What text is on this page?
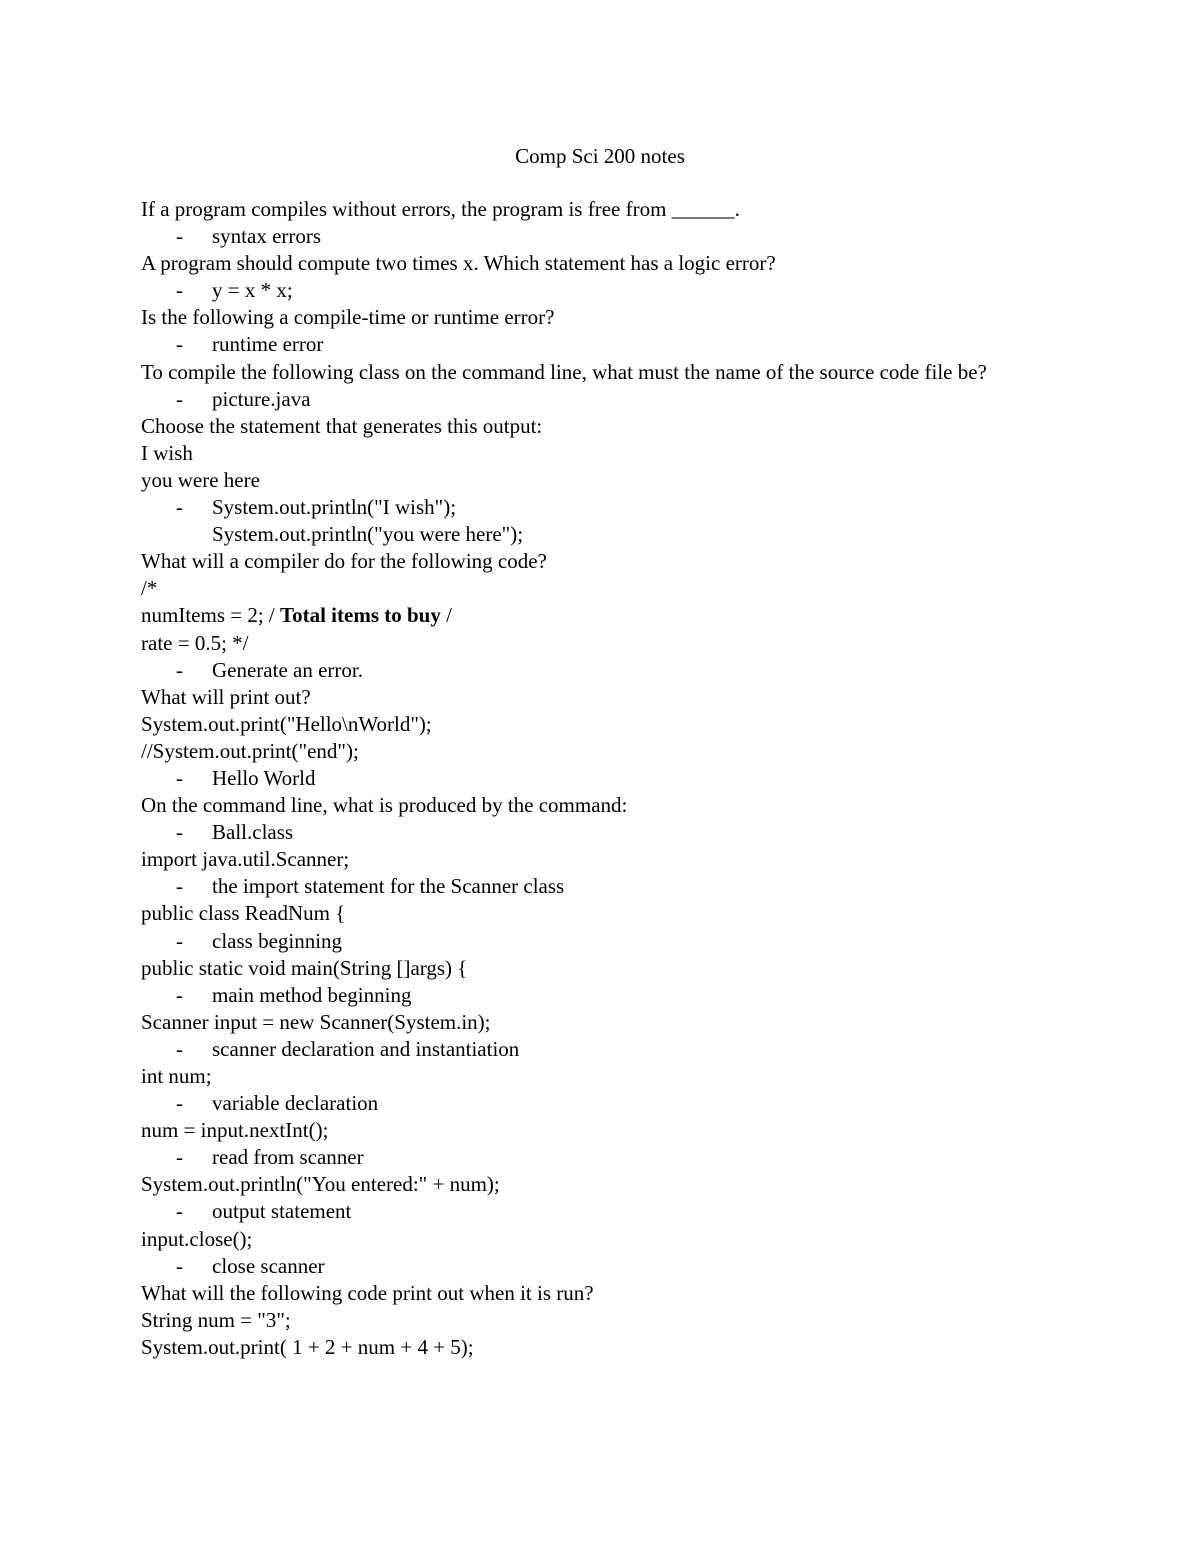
Comp Sci 200 notes
If a program compiles without errors, the program is free from ______.
- syntax errors
A program should compute two times x. Which statement has a logic error?
- y = x * x;
Is the following a compile-time or runtime error?
- runtime error
To compile the following class on the command line, what must the name of the source code file be?
- picture.java
Choose the statement that generates this output:
I wish
you were here
- System.out.println("I wish");
System.out.println("you were here");
What will a compiler do for the following code?
/*
numItems = 2; / Total items to buy /
rate = 0.5; */
- Generate an error.
What will print out?
System.out.print("Hello\nWorld");
//System.out.print("end");
- Hello World
On the command line, what is produced by the command:
- Ball.class
import java.util.Scanner;
- the import statement for the Scanner class
public class ReadNum {
- class beginning
public static void main(String []args) {
- main method beginning
Scanner input = new Scanner(System.in);
- scanner declaration and instantiation
int num;
- variable declaration
num = input.nextInt();
- read from scanner
System.out.println("You entered:" + num);
- output statement
input.close();
- close scanner
What will the following code print out when it is run?
String num = "3";
System.out.print( 1 + 2 + num + 4 + 5);
